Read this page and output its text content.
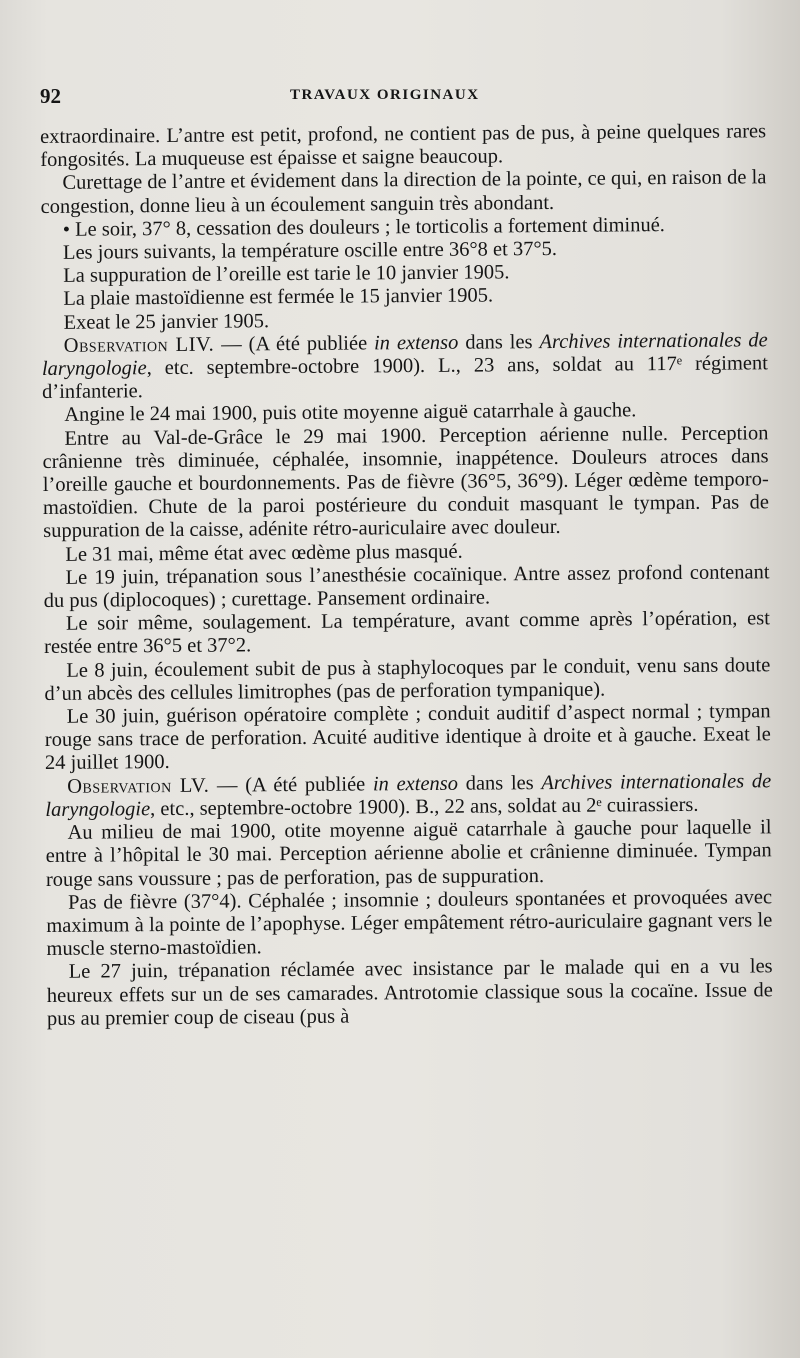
92	TRAVAUX ORIGINAUX

extraordinaire. L’antre est petit, profond, ne contient pas de pus, à peine quelques rares fongosités. La muqueuse est épaisse et saigne beaucoup.

Curettage de l’antre et évidement dans la direction de la pointe, ce qui, en raison de la congestion, donne lieu à un écoulement sanguin très abondant.

• Le soir, 37° 8, cessation des douleurs ; le torticolis a fortement diminué.

Les jours suivants, la température oscille entre 36°8 et 37°5.

La suppuration de l’oreille est tarie le 10 janvier 1905.

La plaie mastoïdienne est fermée le 15 janvier 1905.

Exeat le 25 janvier 1905.

Observation LIV. — (A été publiée in extenso dans les Archives internationales de laryngologie, etc. septembre-octobre 1900). L., 23 ans, soldat au 117ᵉ régiment d’infanterie.

Angine le 24 mai 1900, puis otite moyenne aiguë catarrhale à gauche.

Entre au Val-de-Grâce le 29 mai 1900. Perception aérienne nulle. Perception crânienne très diminuée, céphalée, insomnie, inappétence. Douleurs atroces dans l’oreille gauche et bourdonnements. Pas de fièvre (36°5, 36°9). Léger œdème temporo-mastoïdien. Chute de la paroi postérieure du conduit masquant le tympan. Pas de suppuration de la caisse, adénite rétro-auriculaire avec douleur.

Le 31 mai, même état avec œdème plus masqué.

Le 19 juin, trépanation sous l’anesthésie cocaïnique. Antre assez profond contenant du pus (diplocoques) ; curettage. Pansement ordinaire.

Le soir même, soulagement. La température, avant comme après l’opération, est restée entre 36°5 et 37°2.

Le 8 juin, écoulement subit de pus à staphylocoques par le conduit, venu sans doute d’un abcès des cellules limitrophes (pas de perforation tympanique).

Le 30 juin, guérison opératoire complète ; conduit auditif d’aspect normal ; tympan rouge sans trace de perforation. Acuité auditive identique à droite et à gauche. Exeat le 24 juillet 1900.

Observation LV. — (A été publiée in extenso dans les Archives internationales de laryngologie, etc., septembre-octobre 1900). B., 22 ans, soldat au 2ᵉ cuirassiers.

Au milieu de mai 1900, otite moyenne aiguë catarrhale à gauche pour laquelle il entre à l’hôpital le 30 mai. Perception aérienne abolie et crânienne diminuée. Tympan rouge sans voussure ; pas de perforation, pas de suppuration.

Pas de fièvre (37°4). Céphalée ; insomnie ; douleurs spontanées et provoquées avec maximum à la pointe de l’apophyse. Léger empâtement rétro-auriculaire gagnant vers le muscle sterno-mastoïdien.

Le 27 juin, trépanation réclamée avec insistance par le malade qui en a vu les heureux effets sur un de ses camarades. Antrotomie classique sous la cocaïne. Issue de pus au premier coup de ciseau (pus à
